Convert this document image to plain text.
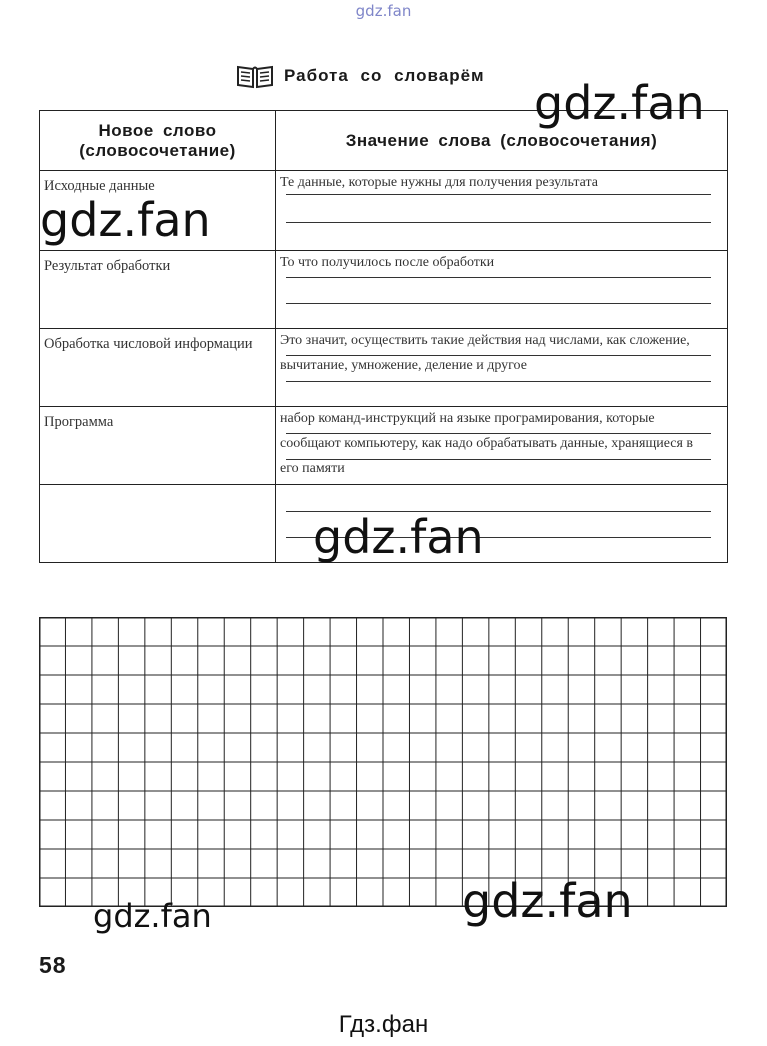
gdz.fan
Работа со словарём
Новое слово (словосочетание)	Значение слова (словосочетания)

Исходные данные	Те данные, которые нужны для получения результата

Результат обработки	То что получилось после обработки

Обработка числовой информации	Это значит, осуществить такие действия над числами, как сложение, вычитание, умножение, деление и другое

Программа	набор команд-инструкций на языке програмирования, которые сообщают компьютеру, как надо обрабатывать данные, хранящиеся в его памяти

gdz.fan
gdz.fan
gdz.fan
gdz.fan	gdz.fan
58
Гдз.фан
